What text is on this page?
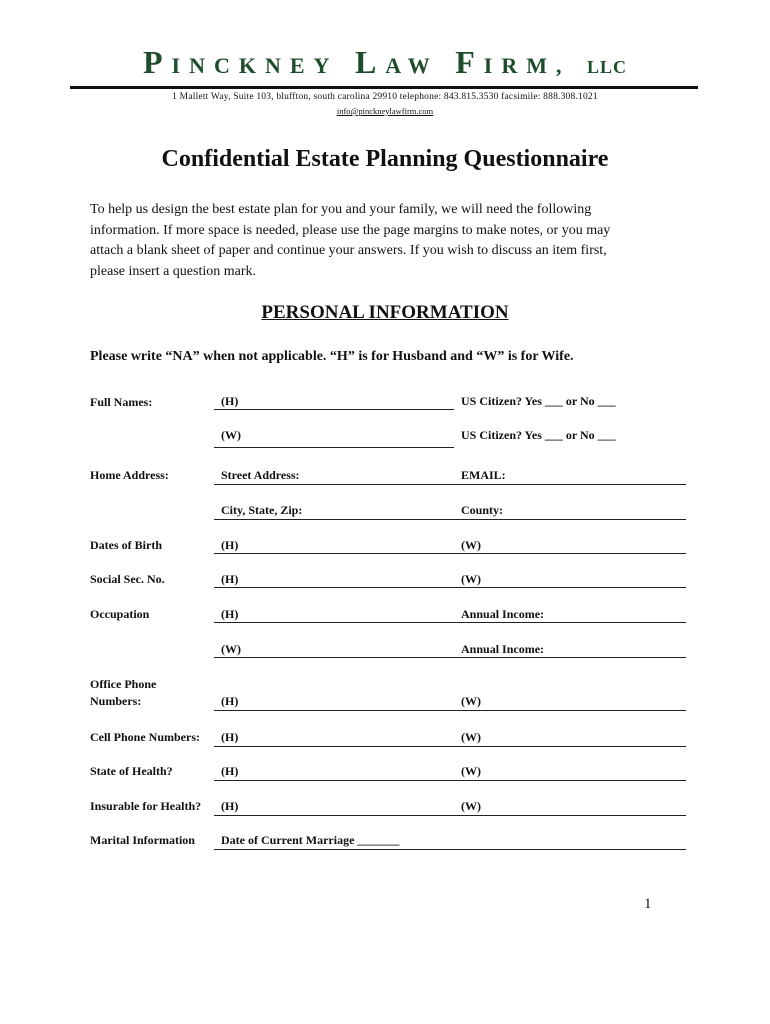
PINCKNEY LAW FIRM, LLC
1 Mallett Way, Suite 103, bluffton, south carolina 29910 telephone: 843.815.3530 facsimile: 888.308.1021
info@pinckneylawfirm.com
Confidential Estate Planning Questionnaire
To help us design the best estate plan for you and your family, we will need the following
information. If more space is needed, please use the page margins to make notes, or you may
attach a blank sheet of paper and continue your answers. If you wish to discuss an item first,
please insert a question mark.
PERSONAL INFORMATION
Please write “NA” when not applicable. “H” is for Husband and “W” is for Wife.
Full Names:	(H)	US Citizen? Yes ___ or No ___
(W)	US Citizen? Yes ___ or No ___
Home Address:	Street Address:	EMAIL:
City, State, Zip:	County:
Dates of Birth	(H)	(W)
Social Sec. No.	(H)	(W)
Occupation	(H)	Annual Income:
(W)	Annual Income:
Office Phone
Numbers:	(H)	(W)
Cell Phone Numbers: (H)	(W)
State of Health?	(H)	(W)
Insurable for Health? (H)	(W)
Marital Information Date of Current Marriage _______
1
